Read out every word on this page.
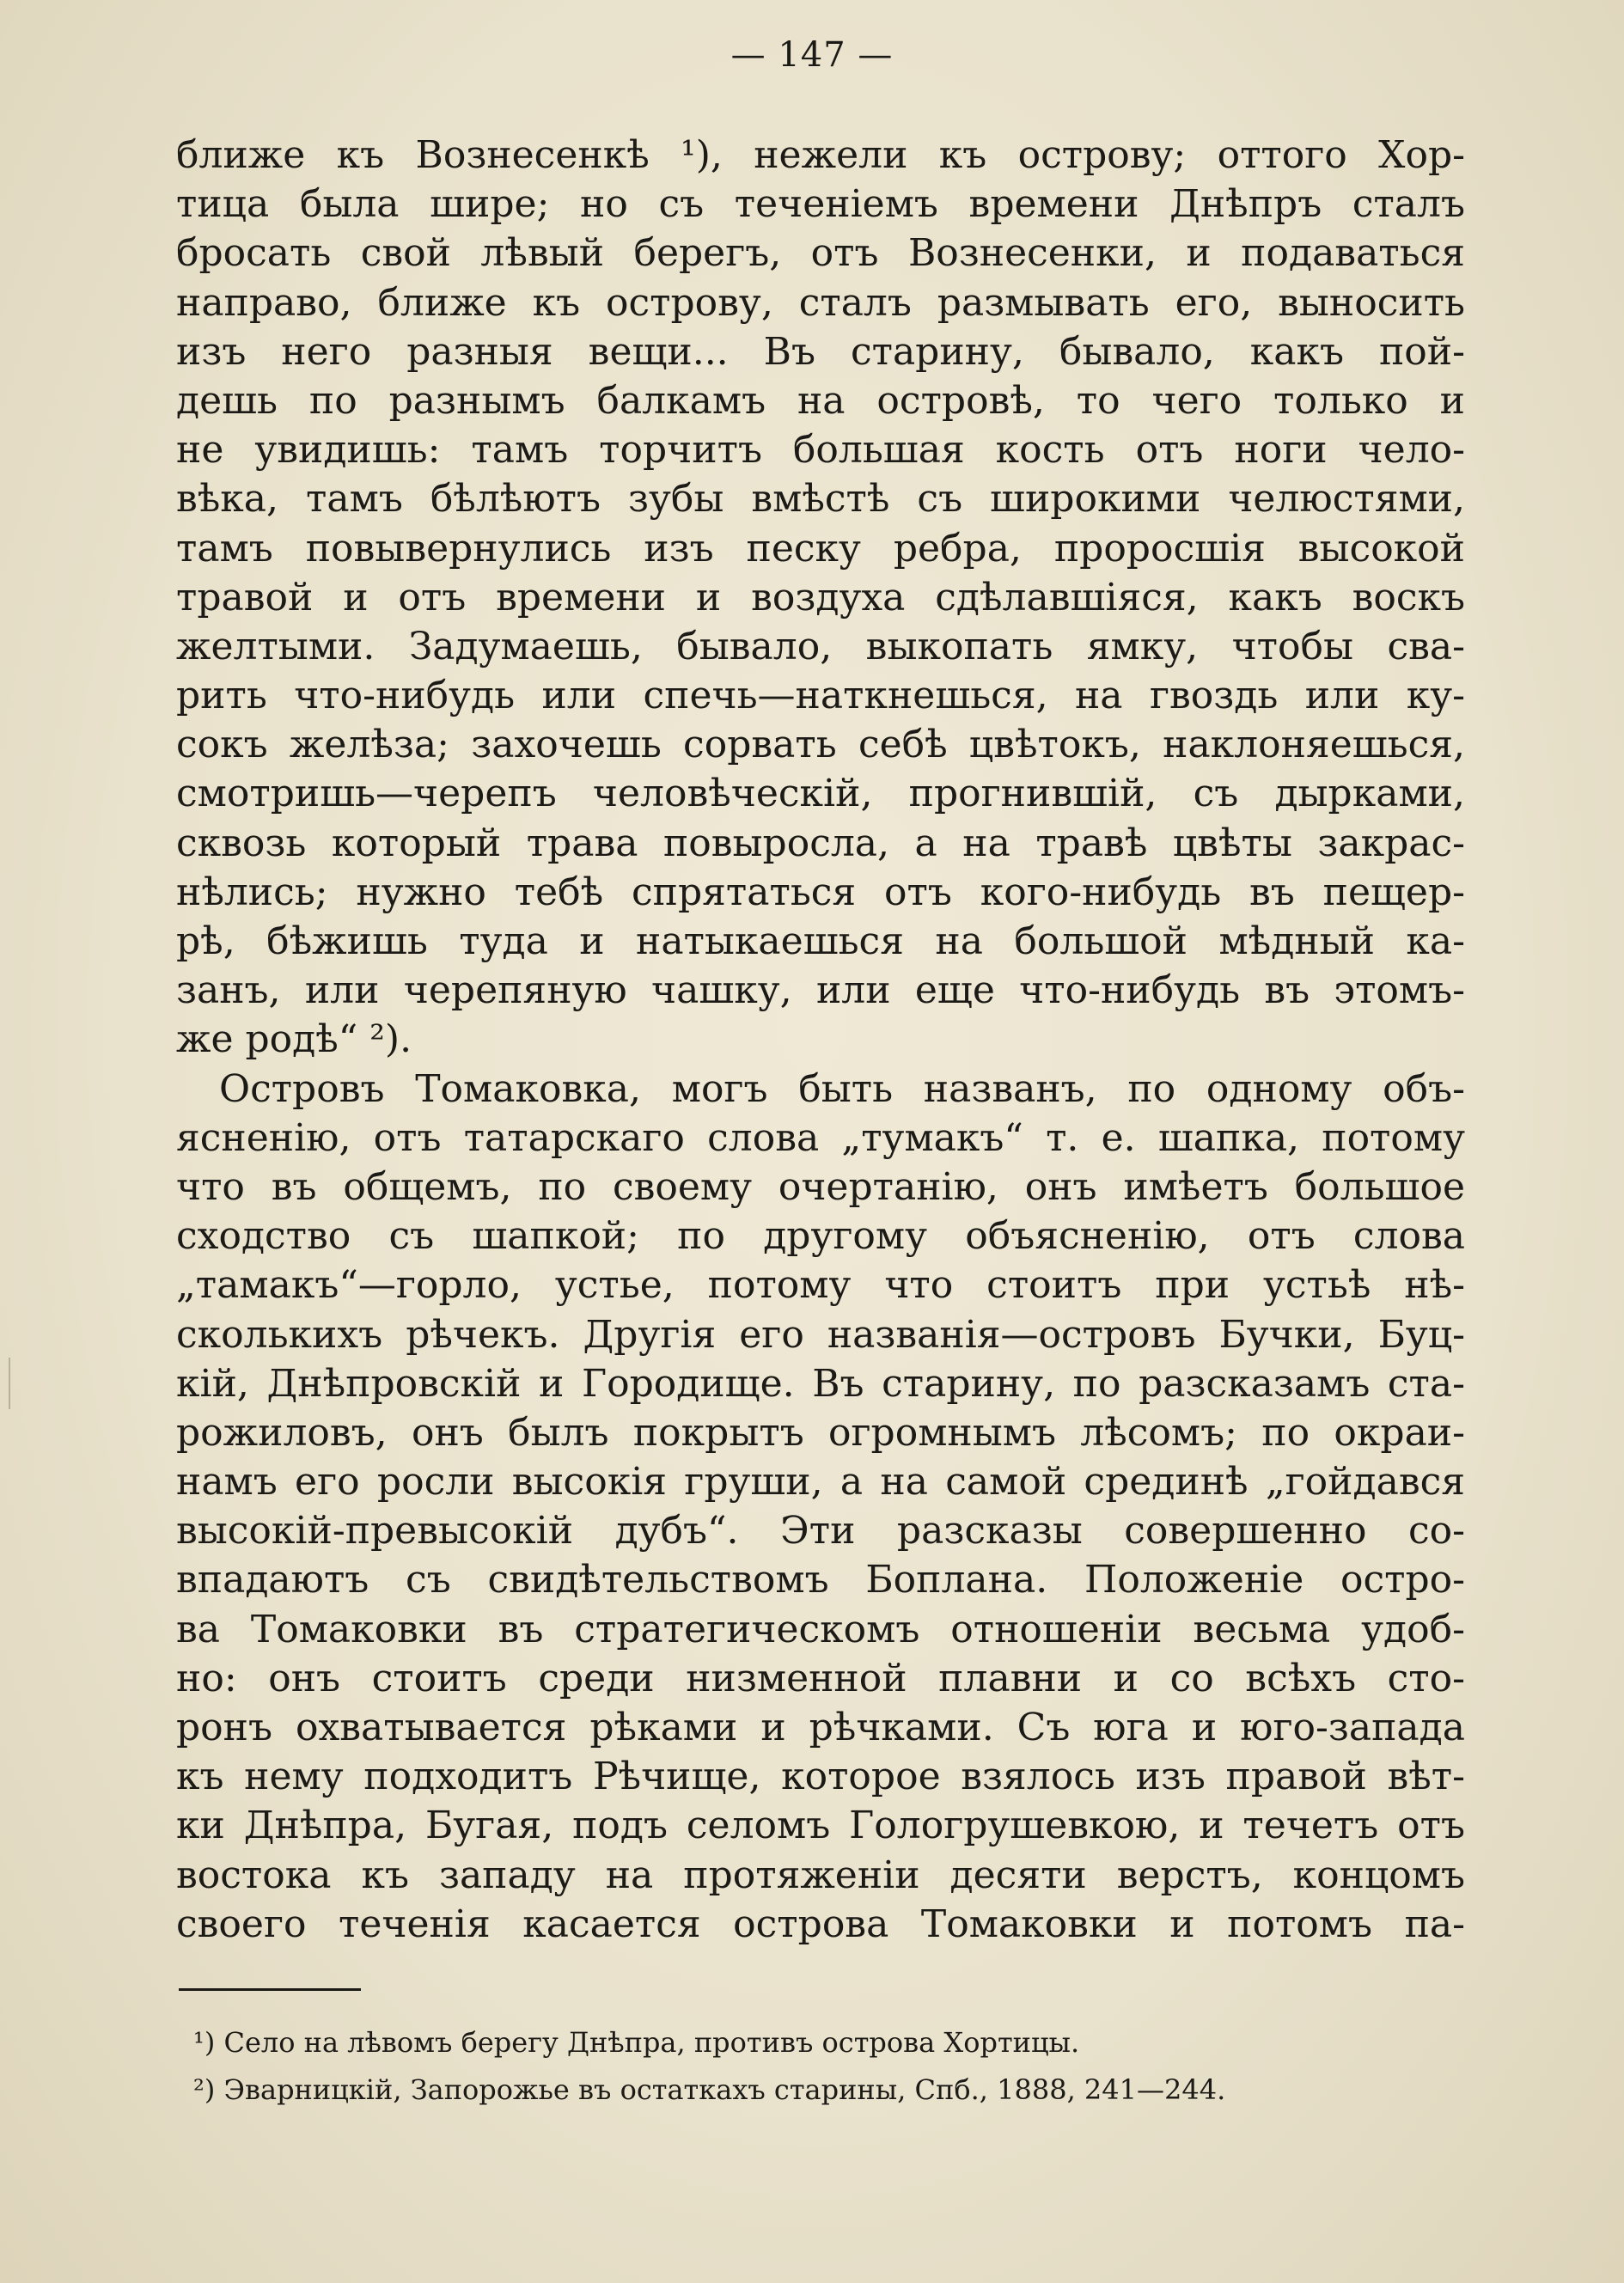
— 147 —
ближе къ Вознесенкѣ ¹), нежели къ острову; оттого Хор-
тица была шире; но съ теченіемъ времени Днѣпръ сталъ
бросать свой лѣвый берегъ, отъ Вознесенки, и подаваться
направо, ближе къ острову, сталъ размывать его, выносить
изъ него разныя вещи... Въ старину, бывало, какъ пой-
дешь по разнымъ балкамъ на островѣ, то чего только и
не увидишь: тамъ торчитъ большая кость отъ ноги чело-
вѣка, тамъ бѣлѣютъ зубы вмѣстѣ съ широкими челюстями,
тамъ повывернулись изъ песку ребра, проросшія высокой
травой и отъ времени и воздуха сдѣлавшіяся, какъ воскъ
желтыми. Задумаешь, бывало, выкопать ямку, чтобы сва-
рить что-нибудь или спечь—наткнешься, на гвоздь или ку-
сокъ желѣза; захочешь сорвать себѣ цвѣтокъ, наклоняешься,
смотришь—черепъ человѣческій, прогнившій, съ дырками,
сквозь который трава повыросла, а на травѣ цвѣты закрас-
нѣлись; нужно тебѣ спрятаться отъ кого-нибудь въ пещер-
рѣ, бѣжишь туда и натыкаешься на большой мѣдный ка-
занъ, или черепяную чашку, или еще что-нибудь въ этомъ-
же родѣ“ ²).
Островъ Томаковка, могъ быть названъ, по одному объ-
ясненію, отъ татарскаго слова „тумакъ“ т. е. шапка, потому
что въ общемъ, по своему очертанію, онъ имѣетъ большое
сходство съ шапкой; по другому объясненію, отъ слова
„тамакъ“—горло, устье, потому что стоитъ при устьѣ нѣ-
сколькихъ рѣчекъ. Другія его названія—островъ Бучки, Буц-
кій, Днѣпровскій и Городище. Въ старину, по разсказамъ ста-
рожиловъ, онъ былъ покрытъ огромнымъ лѣсомъ; по окраи-
намъ его росли высокія груши, а на самой срединѣ „гойдався
высокій-превысокій дубъ“. Эти разсказы совершенно со-
впадаютъ съ свидѣтельствомъ Боплана. Положеніе остро-
ва Томаковки въ стратегическомъ отношеніи весьма удоб-
но: онъ стоитъ среди низменной плавни и со всѣхъ сто-
ронъ охватывается рѣками и рѣчками. Съ юга и юго-запада
къ нему подходитъ Рѣчище, которое взялось изъ правой вѣт-
ки Днѣпра, Бугая, подъ селомъ Гологрушевкою, и течетъ отъ
востока къ западу на протяженіи десяти верстъ, концомъ
своего теченія касается острова Томаковки и потомъ па-
¹) Село на лѣвомъ берегу Днѣпра, противъ острова Хортицы.
²) Эварницкій, Запорожье въ остаткахъ старины, Спб., 1888, 241—244.
